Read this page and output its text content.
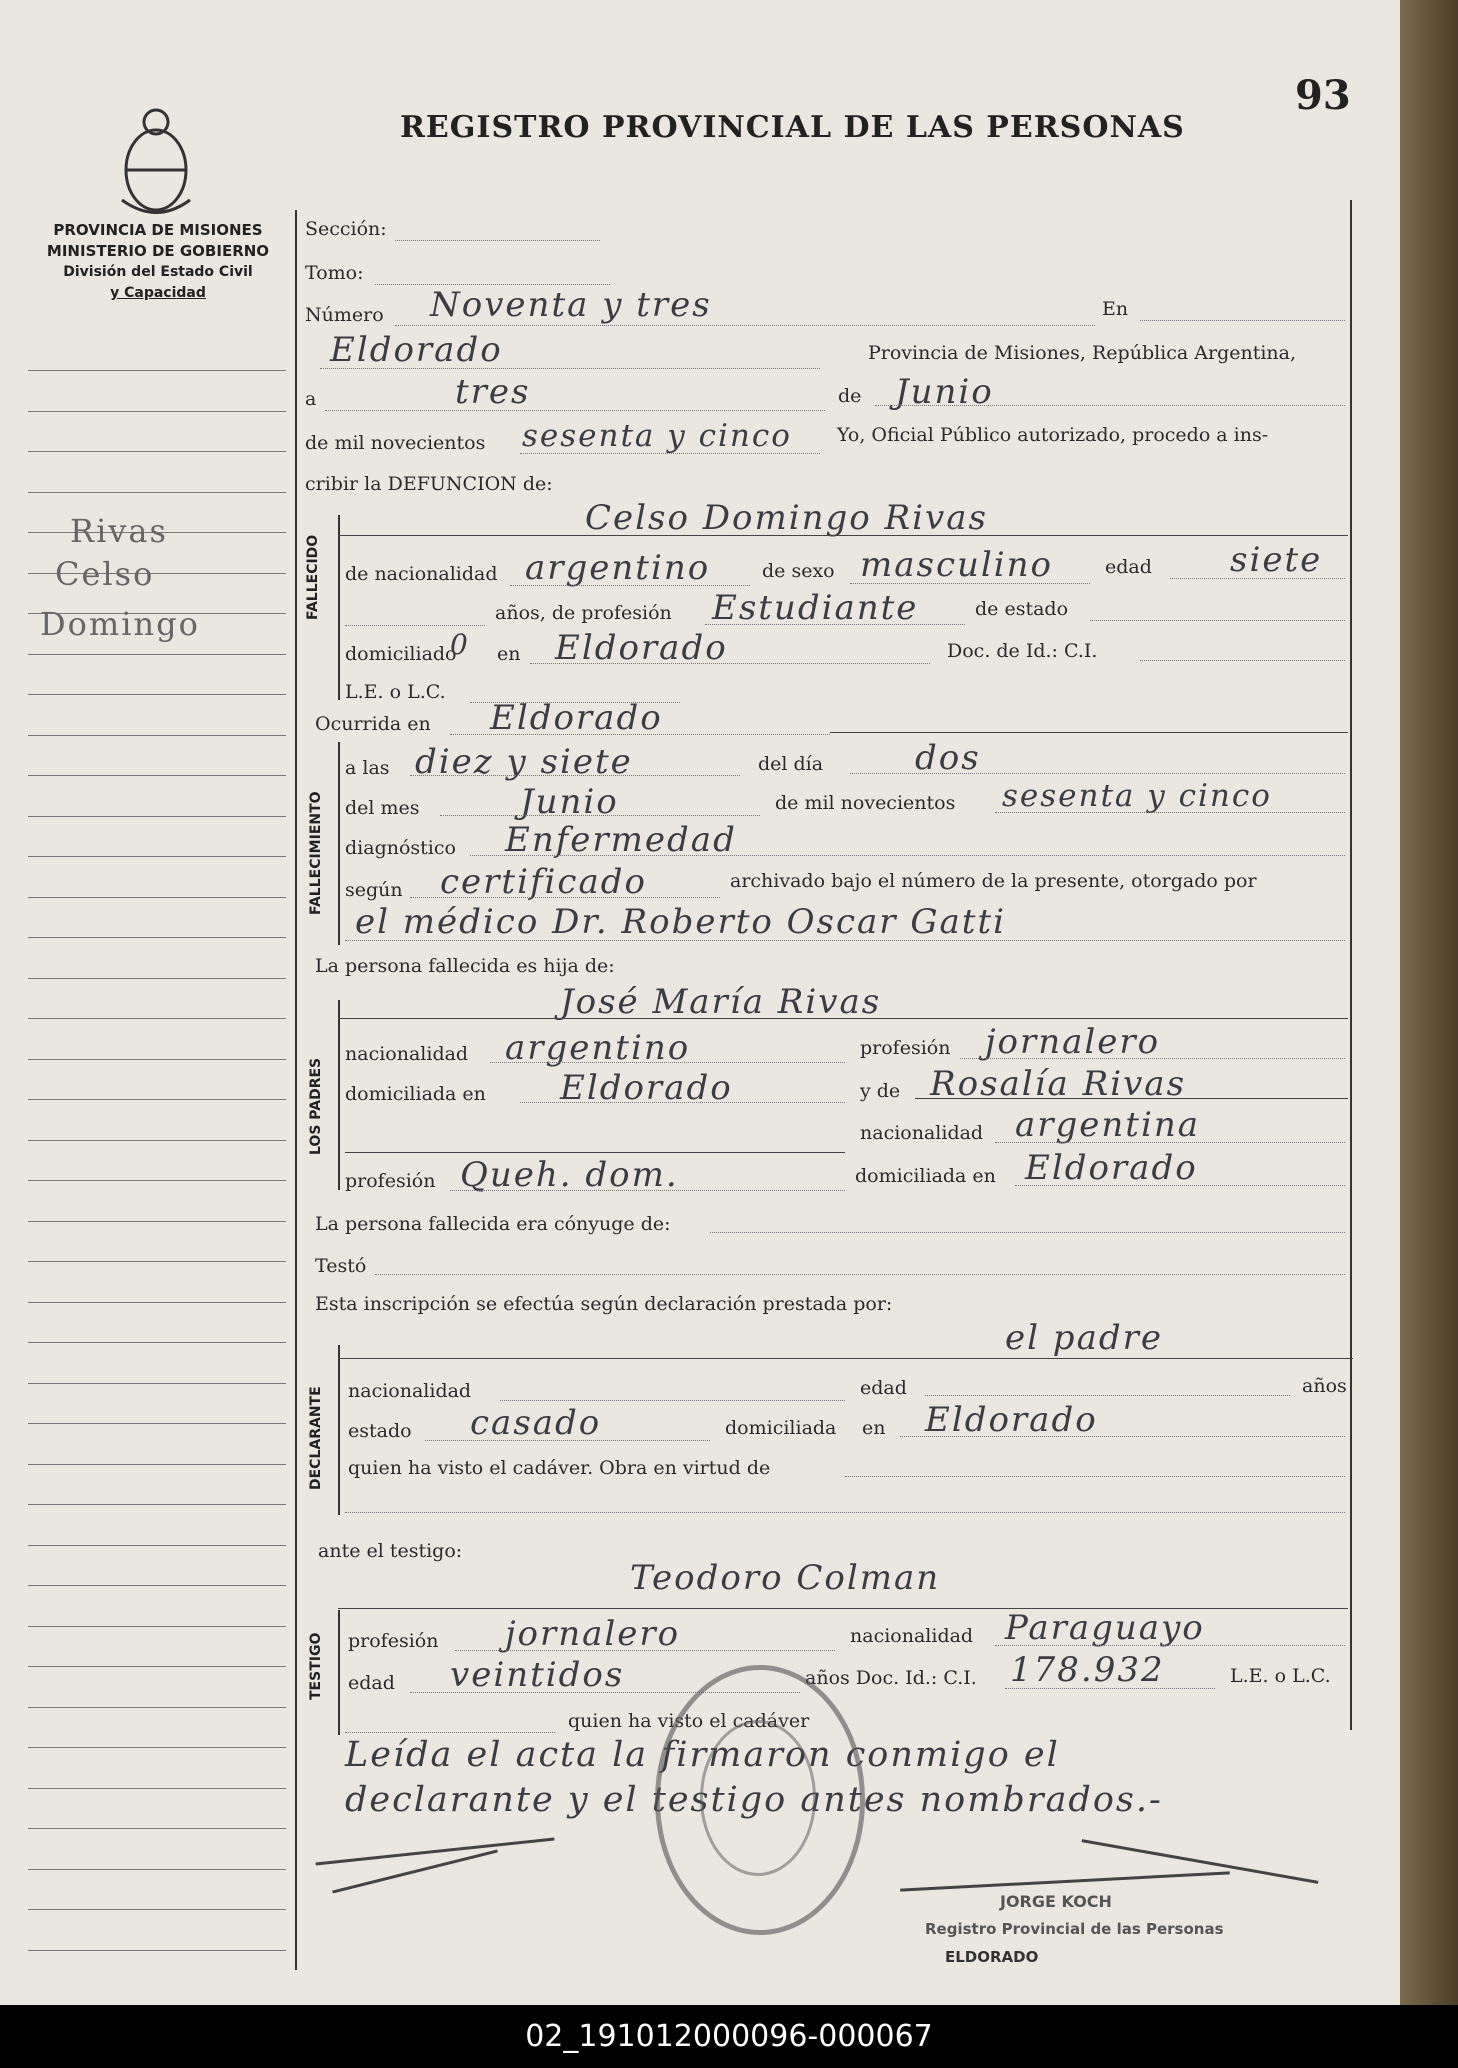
93
REGISTRO PROVINCIAL DE LAS PERSONAS
PROVINCIA DE MISIONES
MINISTERIO DE GOBIERNO
División del Estado Civil
y Capacidad
Rivas
Celso
Domingo
Sección:
Tomo:
Número Noventa y tres	En
Eldorado	Provincia de Misiones, República Argentina,
a	tres	de Junio
de mil novecientos sesenta y cinco Yo, Oficial Público autorizado, procedo a ins-
cribir la DEFUNCION de:
FALLECIDO
Celso Domingo Rivas
de nacionalidad argentino	de sexo masculino	edad siete
años, de profesión Estudiante	de estado
domiciliado
0 en Eldorado	Doc. de Id.: C.I.
L.E. o L.C.
Ocurrida en Eldorado
FALLECIMIENTO
a las diez y siete	del día	dos
del mes	Junio	de mil novecientos sesenta y cinco
diagnóstico Enfermedad
según certificado	archivado bajo el número de la presente, otorgado por
el médico Dr. Roberto Oscar Gatti
La persona fallecida es hija de:
LOS PADRES
José María Rivas
nacionalidad argentino	profesión jornalero
domiciliada en Eldorado	y de Rosalía Rivas
nacionalidad argentina
profesión Queh. dom.	domiciliada en Eldorado
La persona fallecida era cónyuge de:
Testó
Esta inscripción se efectúa según declaración prestada por:
DECLARANTE
el padre
nacionalidad	edad	años
estado casado	domiciliada en Eldorado
quien ha visto el cadáver. Obra en virtud de
ante el testigo:
TESTIGO
Teodoro Colman
profesión jornalero	nacionalidad Paraguayo
edad veintidos	años Doc. Id.: C.I. 178.932	L.E. o L.C.
quien ha visto el cadáver
Leída el acta la firmaron conmigo el
declarante y el testigo antes nombrados.-
JORGE KOCH
Registro Provincial de las Personas
ELDORADO
02_191012000096-000067
